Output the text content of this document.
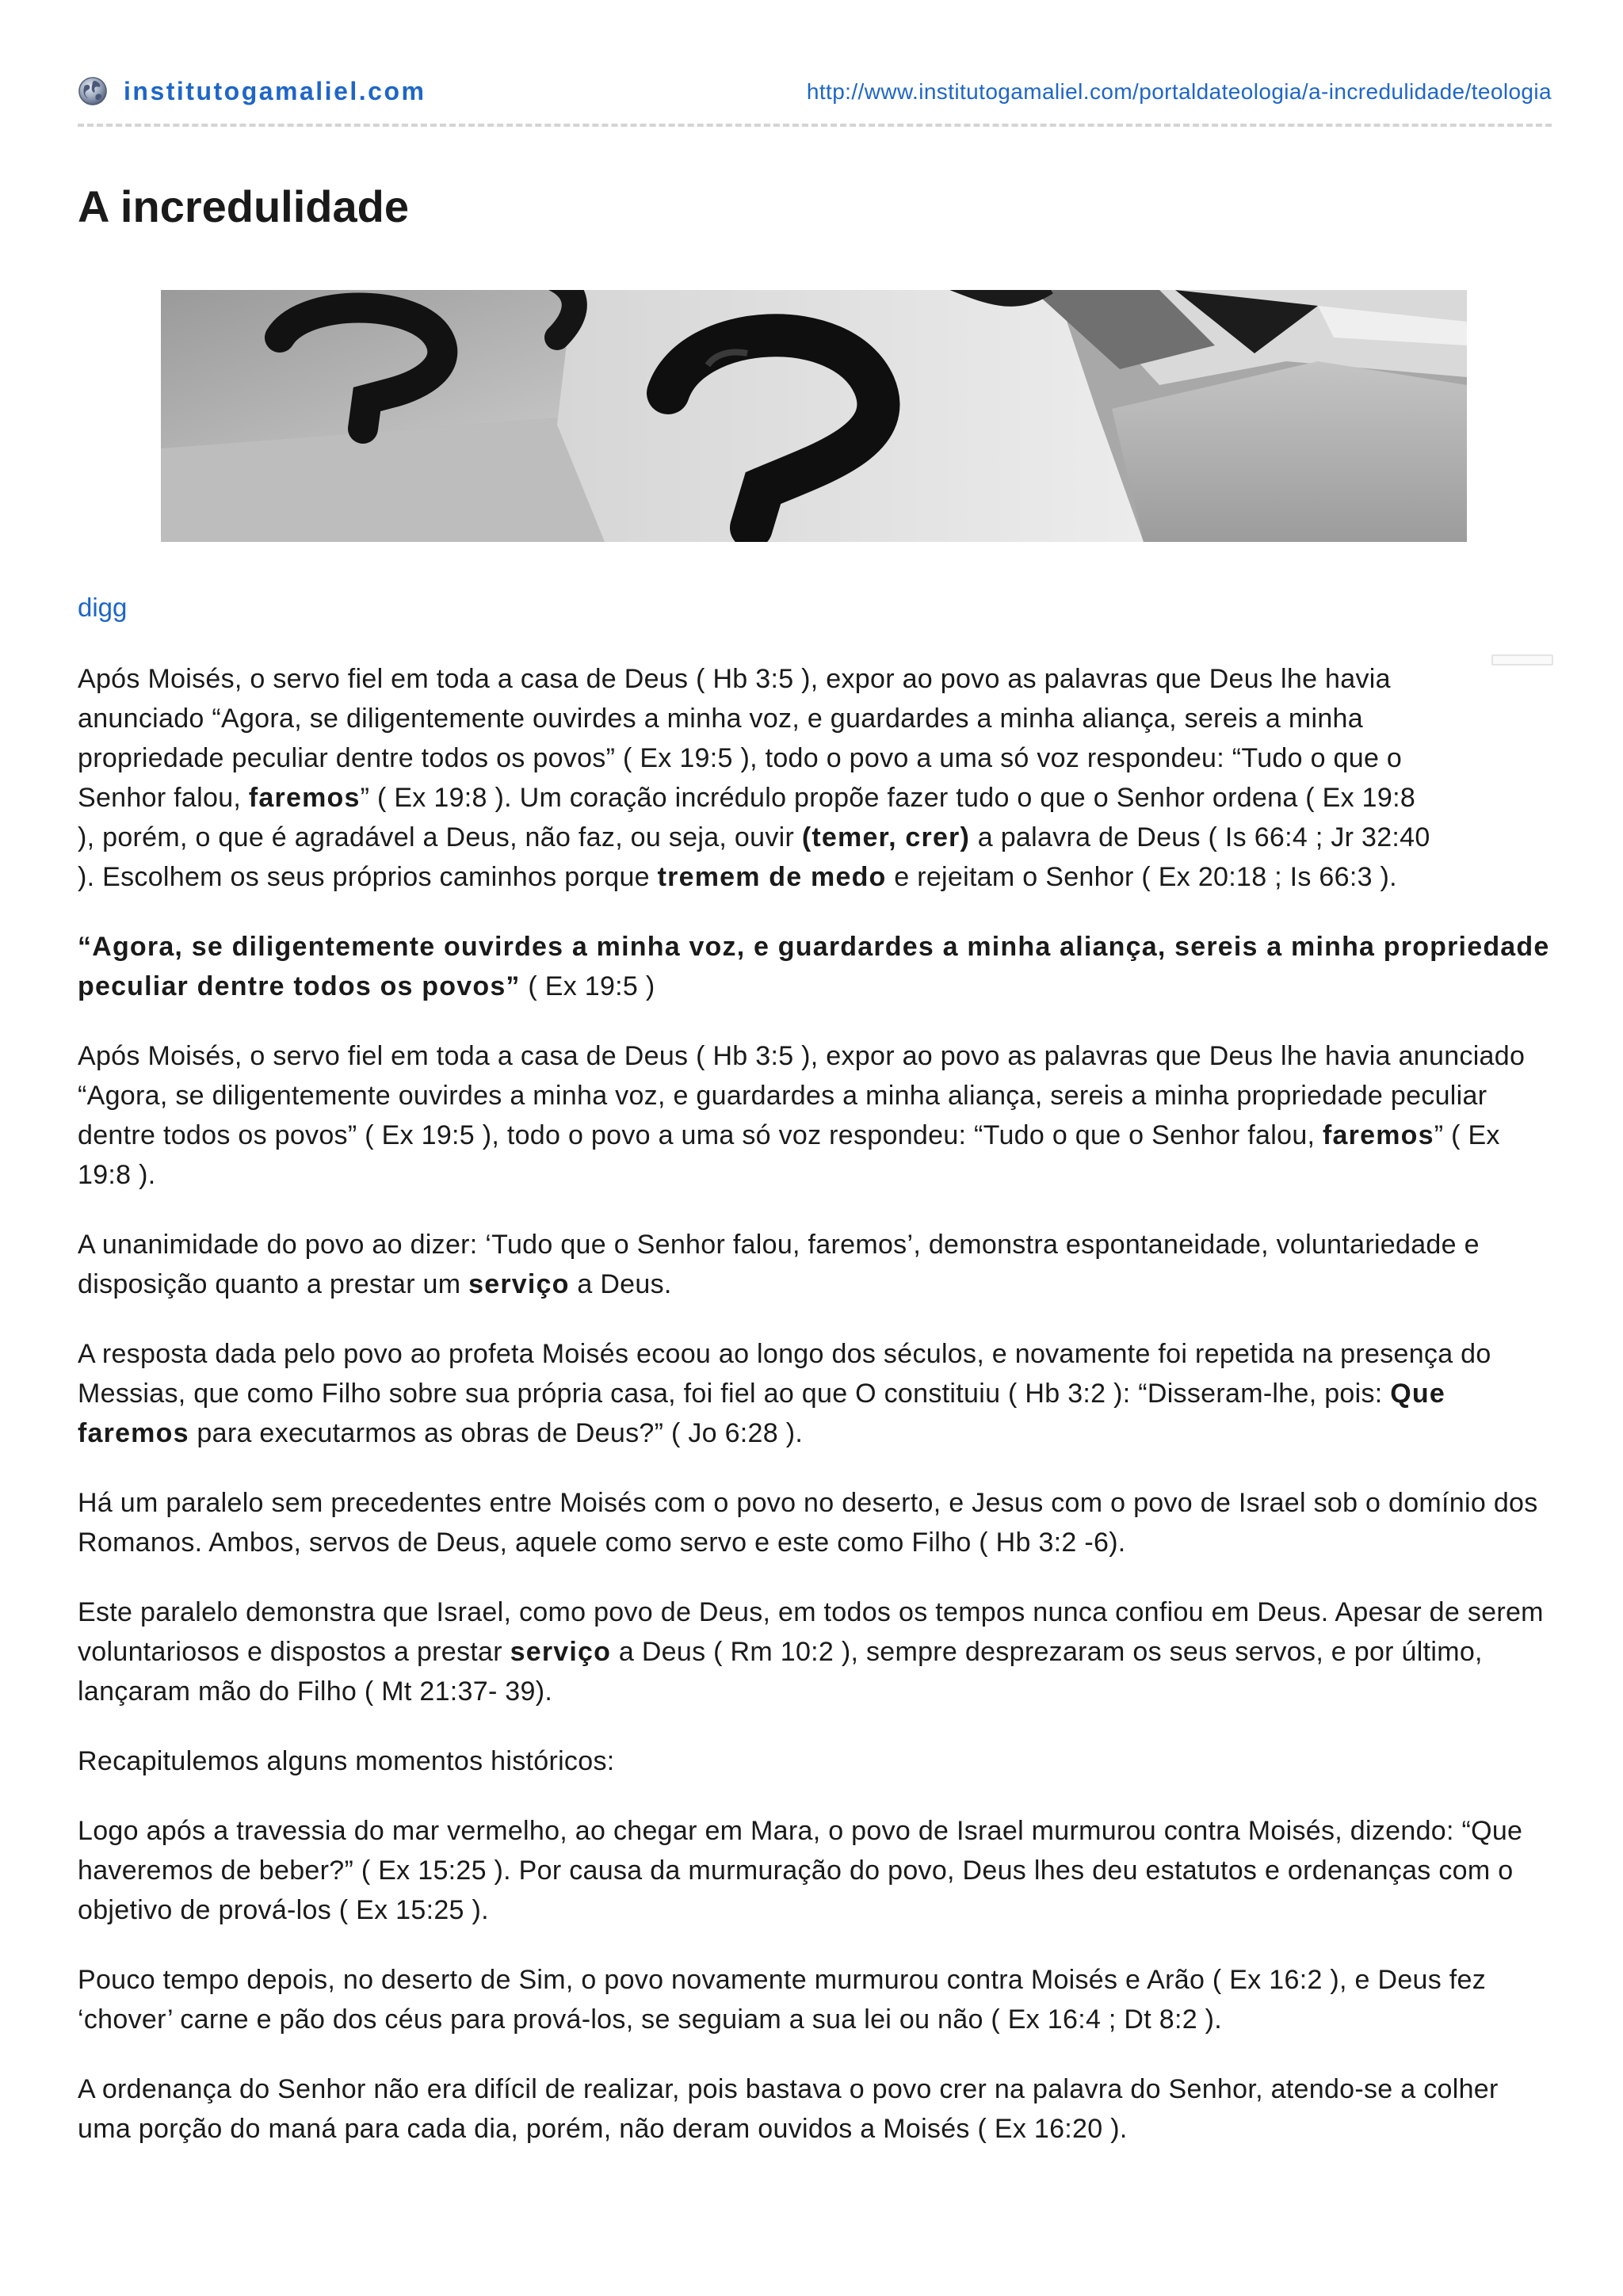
institutogamaliel.com	http://www.institutogamaliel.com/portaldateologia/a-incredulidade/teologia
A incredulidade
digg

Após Moisés, o servo fiel em toda a casa de Deus ( Hb 3:5 ), expor ao povo as palavras que Deus lhe havia anunciado “Agora, se diligentemente ouvirdes a minha voz, e guardardes a minha aliança, sereis a minha propriedade peculiar dentre todos os povos” ( Ex 19:5 ), todo o povo a uma só voz respondeu: “Tudo o que o Senhor falou, faremos” ( Ex 19:8 ). Um coração incrédulo propõe fazer tudo o que o Senhor ordena ( Ex 19:8 ), porém, o que é agradável a Deus, não faz, ou seja, ouvir (temer, crer) a palavra de Deus ( Is 66:4 ; Jr 32:40 ). Escolhem os seus próprios caminhos porque tremem de medo e rejeitam o Senhor ( Ex 20:18 ; Is 66:3 ).

“Agora, se diligentemente ouvirdes a minha voz, e guardardes a minha aliança, sereis a minha propriedade peculiar dentre todos os povos” ( Ex 19:5 )

Após Moisés, o servo fiel em toda a casa de Deus ( Hb 3:5 ), expor ao povo as palavras que Deus lhe havia anunciado “Agora, se diligentemente ouvirdes a minha voz, e guardardes a minha aliança, sereis a minha propriedade peculiar dentre todos os povos” ( Ex 19:5 ), todo o povo a uma só voz respondeu: “Tudo o que o Senhor falou, faremos” ( Ex 19:8 ).

A unanimidade do povo ao dizer: ‘Tudo que o Senhor falou, faremos’, demonstra espontaneidade, voluntariedade e disposição quanto a prestar um serviço a Deus.

A resposta dada pelo povo ao profeta Moisés ecoou ao longo dos séculos, e novamente foi repetida na presença do Messias, que como Filho sobre sua própria casa, foi fiel ao que O constituiu ( Hb 3:2 ): “Disseram-lhe, pois: Que faremos para executarmos as obras de Deus?” ( Jo 6:28 ).

Há um paralelo sem precedentes entre Moisés com o povo no deserto, e Jesus com o povo de Israel sob o domínio dos Romanos. Ambos, servos de Deus, aquele como servo e este como Filho ( Hb 3:2 -6).

Este paralelo demonstra que Israel, como povo de Deus, em todos os tempos nunca confiou em Deus. Apesar de serem voluntariosos e dispostos a prestar serviço a Deus ( Rm 10:2 ), sempre desprezaram os seus servos, e por último, lançaram mão do Filho ( Mt 21:37- 39).

Recapitulemos alguns momentos históricos:

Logo após a travessia do mar vermelho, ao chegar em Mara, o povo de Israel murmurou contra Moisés, dizendo: “Que haveremos de beber?” ( Ex 15:25 ). Por causa da murmuração do povo, Deus lhes deu estatutos e ordenanças com o objetivo de prová-los ( Ex 15:25 ).

Pouco tempo depois, no deserto de Sim, o povo novamente murmurou contra Moisés e Arão ( Ex 16:2 ), e Deus fez ‘chover’ carne e pão dos céus para prová-los, se seguiam a sua lei ou não ( Ex 16:4 ; Dt 8:2 ).

A ordenança do Senhor não era difícil de realizar, pois bastava o povo crer na palavra do Senhor, atendo-se a colher uma porção do maná para cada dia, porém, não deram ouvidos a Moisés ( Ex 16:20 ).
